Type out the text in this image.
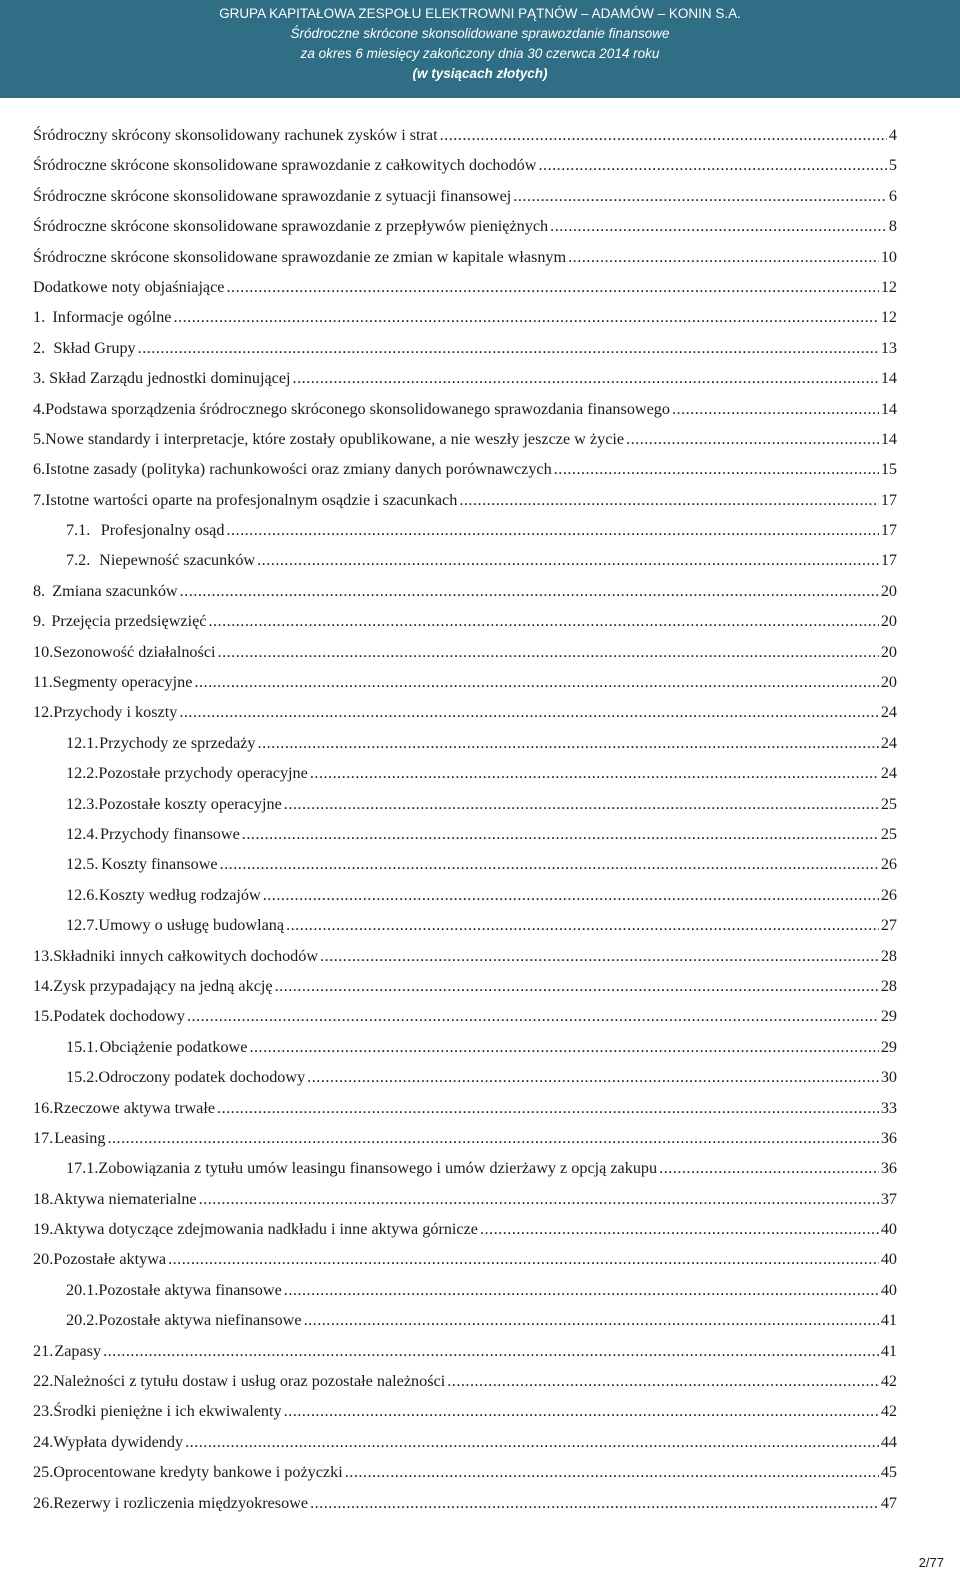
GRUPA KAPITAŁOWA ZESPOŁU ELEKTROWNI PĄTNÓW – ADAMÓW – KONIN S.A.
Śródroczne skrócone skonsolidowane sprawozdanie finansowe
za okres 6 miesięcy zakończony dnia 30 czerwca 2014 roku
(w tysiącach złotych)
Śródroczny skrócony skonsolidowany rachunek zysków i strat .....	4
Śródroczne skrócone skonsolidowane sprawozdanie z całkowitych dochodów .....	5
Śródroczne skrócone skonsolidowane sprawozdanie z sytuacji finansowej .....	6
Śródroczne skrócone skonsolidowane sprawozdanie z przepływów pieniężnych .....	8
Śródroczne skrócone skonsolidowane sprawozdanie ze zmian w kapitale własnym .....	10
Dodatkowe noty objaśniające .....	12
1. Informacje ogólne .....	12
2. Skład Grupy .....	13
3. Skład Zarządu jednostki dominującej .....	14
4. Podstawa sporządzenia śródrocznego skróconego skonsolidowanego sprawozdania finansowego .....	14
5. Nowe standardy i interpretacje, które zostały opublikowane, a nie weszły jeszcze w życie .....	14
6. Istotne zasady (polityka) rachunkowości oraz zmiany danych porównawczych .....	15
7. Istotne wartości oparte na profesjonalnym osądzie i szacunkach .....	17
7.1. Profesjonalny osąd .....	17
7.2. Niepewność szacunków .....	17
8. Zmiana szacunków .....	20
9. Przejęcia przedsięwzięć .....	20
10. Sezonowość działalności .....	20
11. Segmenty operacyjne .....	20
12. Przychody i koszty .....	24
12.1. Przychody ze sprzedaży .....	24
12.2. Pozostałe przychody operacyjne .....	24
12.3. Pozostałe koszty operacyjne .....	25
12.4. Przychody finansowe .....	25
12.5. Koszty finansowe .....	26
12.6. Koszty według rodzajów .....	26
12.7. Umowy o usługę budowlaną .....	27
13. Składniki innych całkowitych dochodów .....	28
14. Zysk przypadający na jedną akcję .....	28
15. Podatek dochodowy .....	29
15.1. Obciążenie podatkowe .....	29
15.2. Odroczony podatek dochodowy .....	30
16. Rzeczowe aktywa trwałe .....	33
17. Leasing .....	36
17.1. Zobowiązania z tytułu umów leasingu finansowego i umów dzierżawy z opcją zakupu .....	36
18. Aktywa niematerialne .....	37
19. Aktywa dotyczące zdejmowania nadkładu i inne aktywa górnicze .....	40
20. Pozostałe aktywa .....	40
20.1. Pozostałe aktywa finansowe .....	40
20.2. Pozostałe aktywa niefinansowe .....	41
21. Zapasy .....	41
22. Należności z tytułu dostaw i usług oraz pozostałe należności .....	42
23. Środki pieniężne i ich ekwiwalenty .....	42
24. Wypłata dywidendy .....	44
25. Oprocentowane kredyty bankowe i pożyczki .....	45
26. Rezerwy i rozliczenia międzyokresowe .....	47
2/77
